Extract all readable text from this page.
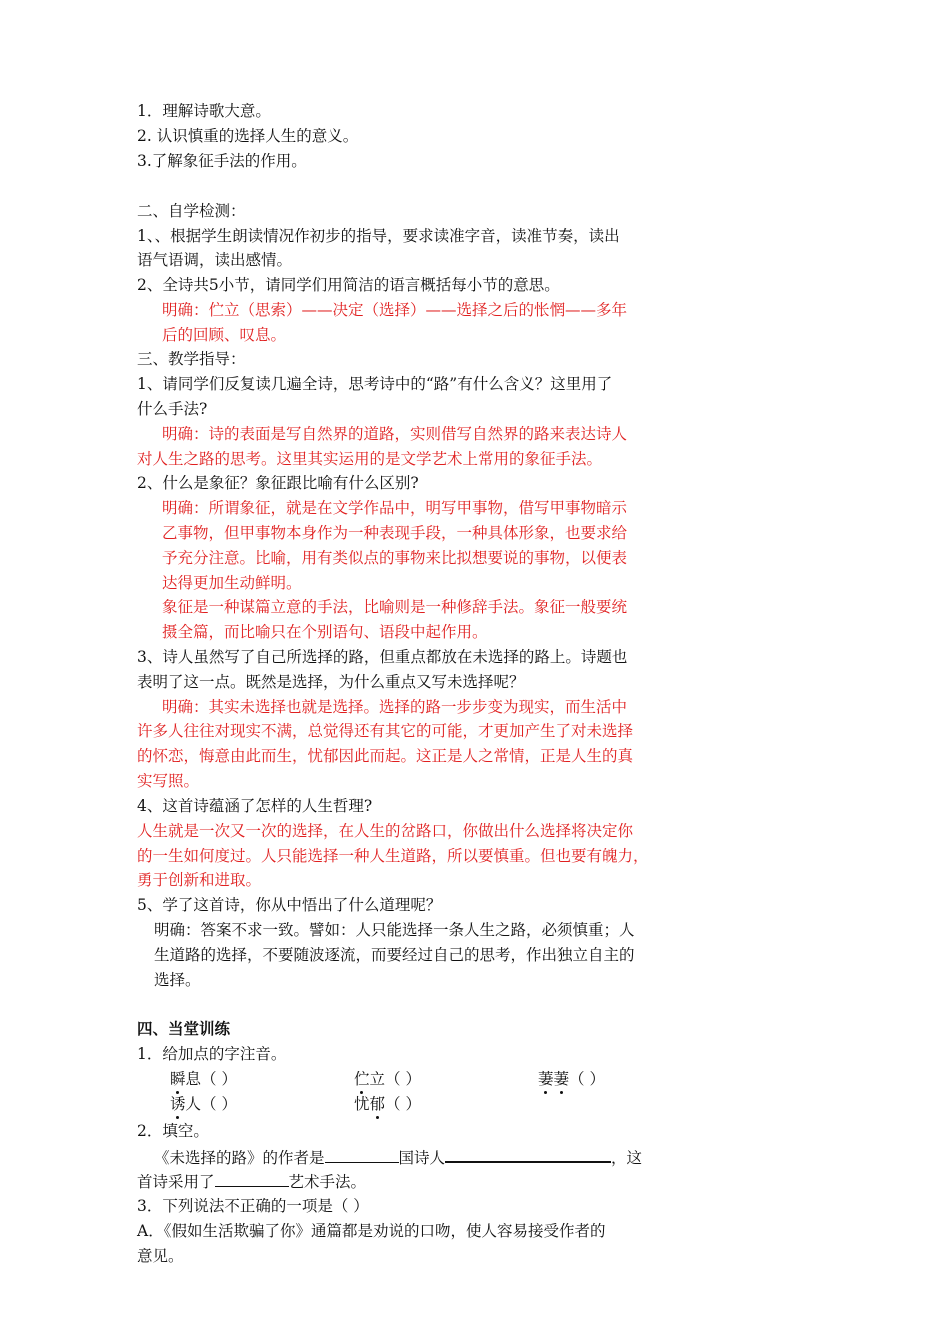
1．理解诗歌大意。
2. 认识慎重的选择人生的意义。
3.了解象征手法的作用。
二、自学检测：
1、、根据学生朗读情况作初步的指导，要求读准字音，读准节奏，读出
语气语调，读出感情。
2、全诗共5小节，请同学们用简洁的语言概括每小节的意思。
明确：伫立（思索）——决定（选择）——选择之后的怅惘——多年
后的回顾、叹息。
三、教学指导：
1、请同学们反复读几遍全诗，思考诗中的“路”有什么含义？这里用了
什么手法?
明确：诗的表面是写自然界的道路，实则借写自然界的路来表达诗人
对人生之路的思考。这里其实运用的是文学艺术上常用的象征手法。
2、什么是象征？象征跟比喻有什么区别?
明确：所谓象征，就是在文学作品中，明写甲事物，借写甲事物暗示
乙事物，但甲事物本身作为一种表现手段，一种具体形象，也要求给
予充分注意。比喻，用有类似点的事物来比拟想要说的事物，以便表
达得更加生动鲜明。
象征是一种谋篇立意的手法，比喻则是一种修辞手法。象征一般要统
摄全篇，而比喻只在个别语句、语段中起作用。
3、诗人虽然写了自己所选择的路，但重点都放在未选择的路上。诗题也
表明了这一点。既然是选择，为什么重点又写未选择呢？
明确：其实未选择也就是选择。选择的路一步步变为现实，而生活中
许多人往往对现实不满，总觉得还有其它的可能，才更加产生了对未选择
的怀恋，悔意由此而生，忧郁因此而起。这正是人之常情，正是人生的真
实写照。
4、这首诗蕴涵了怎样的人生哲理?
人生就是一次又一次的选择，在人生的岔路口，你做出什么选择将决定你
的一生如何度过。人只能选择一种人生道路，所以要慎重。但也要有魄力，
勇于创新和进取。
5、学了这首诗，你从中悟出了什么道理呢？
明确：答案不求一致。譬如：人只能选择一条人生之路，必须慎重；人
生道路的选择，不要随波逐流，而要经过自己的思考，作出独立自主的
选择。
四、当堂训练
1．给加点的字注音。
瞬息（ ）	伫立（ ）	萋萋（ ）
诱人（ ）	忧郁（ ）
2．填空。
《未选择的路》的作者是	国诗人	，这
首诗采用了	艺术手法。
3．下列说法不正确的一项是（ ）
A．《假如生活欺骗了你》通篇都是劝说的口吻，使人容易接受作者的
意见。
